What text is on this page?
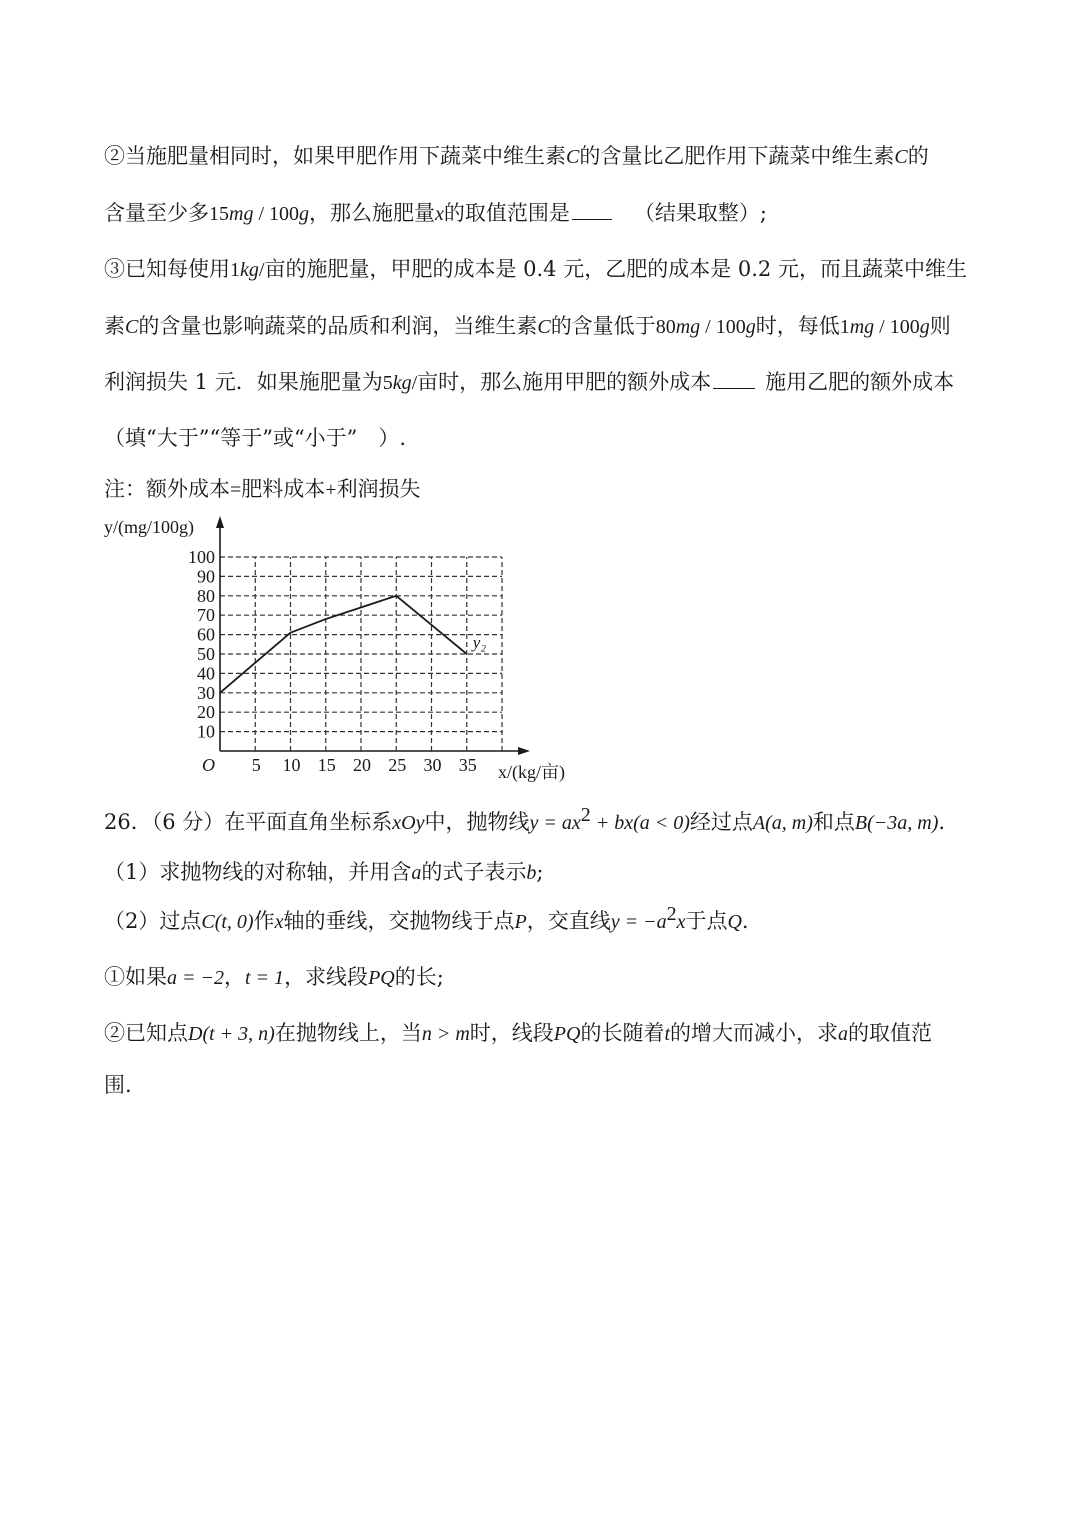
②当施肥量相同时，如果甲肥作用下蔬菜中维生素C的含量比乙肥作用下蔬菜中维生素C的
含量至少多15mg / 100g，那么施肥量x的取值范围是	（结果取整）;
③已知每使用1kg/亩的施肥量，甲肥的成本是 0.4 元，乙肥的成本是 0.2 元，而且蔬菜中维生
素C的含量也影响蔬菜的品质和利润，当维生素C的含量低于80mg / 100g时，每低1mg / 100g则
利润损失 1 元．如果施肥量为5kg/亩时，那么施用甲肥的额外成本	施用乙肥的额外成本
（填“大于”“等于”或“小于”　）.
注：额外成本=肥料成本+利润损失
10
20
30
40
50
60
70
80
90
100
5 10 15 20 25 30 35
y₂
y/(mg/100g)
x/(kg/亩)
O
26．（6 分）在平面直角坐标系xOy中，抛物线$y = ax^2 + bx(a < 0)$经过点A(a, m)和点B(−3a, m).
（1）求抛物线的对称轴，并用含a的式子表示b;
（2）过点C(t, 0)作x轴的垂线，交抛物线于点P，交直线$y = -a^2x$于点Q.
①如果a = −2，t = 1，求线段PQ的长;
②已知点D(t + 3, n)在抛物线上，当n > m时，线段PQ的长随着t的增大而减小，求a的取值范
围.
